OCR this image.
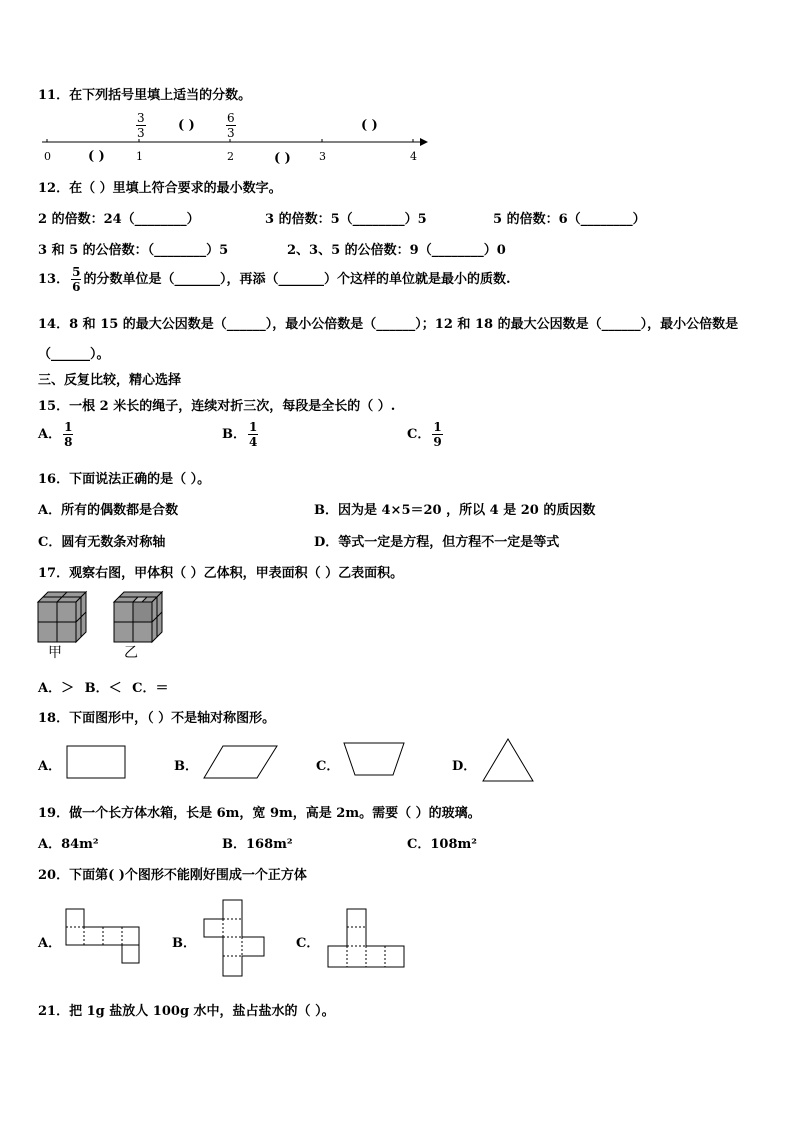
11．在下列括号里填上适当的分数。
0	1	2	3	4
$\frac{3}{3}$	$\frac{6}{3}$
( )	( )
( )	( )
12．在（ ）里填上符合要求的最小数字。
2 的倍数：24（________）	3 的倍数：5（________）5	5 的倍数：6（________）
3 和 5 的公倍数：（________）5	2、3、5 的公倍数：9（________）0
13． $\frac{5}{6}$ 的分数单位是（_______），再添（_______）个这样的单位就是最小的质数.
14．8 和 15 的最大公因数是（______），最小公倍数是（______）；12 和 18 的最大公因数是（______），最小公倍数是
（______）。
三、反复比较，精心选择
15．一根 2 米长的绳子，连续对折三次，每段是全长的（ ）.
A． $\frac{1}{8}$	B． $\frac{1}{4}$	C． $\frac{1}{9}$
16．下面说法正确的是（ ）。
A．所有的偶数都是合数	B．因为是 4×5＝20 ，所以 4 是 20 的质因数
C．圆有无数条对称轴	D．等式一定是方程，但方程不一定是等式
17．观察右图，甲体积（ ）乙体积，甲表面积（ ）乙表面积。
甲	乙
A．＞ B．＜ C．＝
18．下面图形中，（ ）不是轴对称图形。
A．	B．	C．	D．
19．做一个长方体水箱，长是 6m，宽 9m，高是 2m。需要（ ）的玻璃。
A．84m²	B．168m²	C．108m²
20．下面第( )个图形不能刚好围成一个正方体
A．	B．	C．
21．把 1g 盐放人 100g 水中，盐占盐水的（ ）。
